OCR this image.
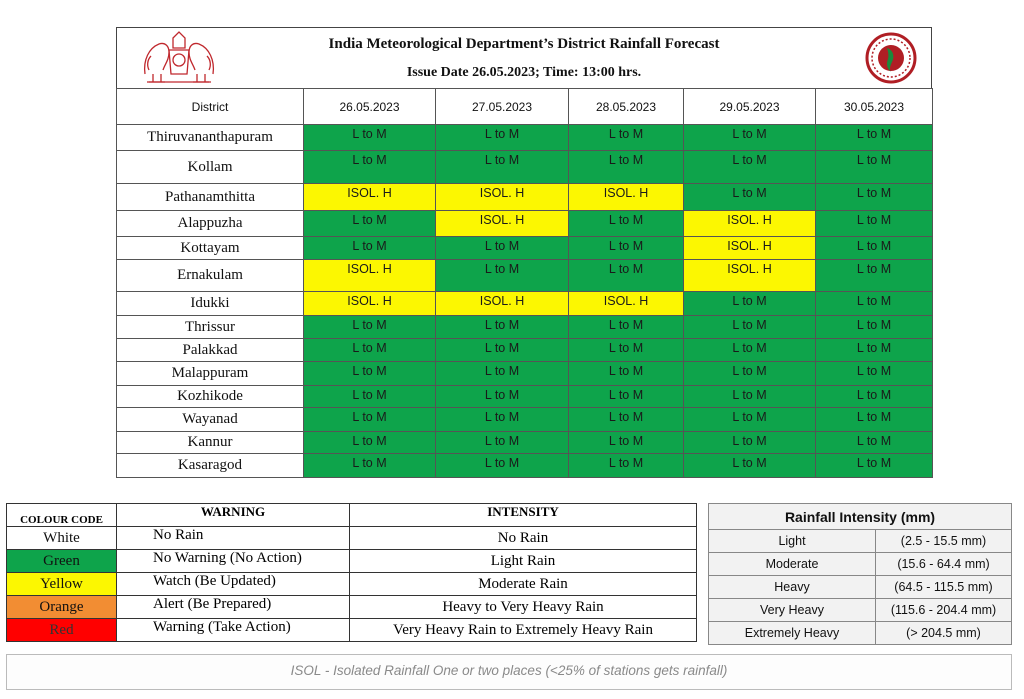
India Meteorological Department’s District Rainfall Forecast
Issue Date 26.05.2023; Time: 13:00 hrs.
District	26.05.2023	27.05.2023	28.05.2023	29.05.2023	30.05.2023
Thiruvananthapuram	L to M	L to M	L to M	L to M	L to M
Kollam	L to M	L to M	L to M	L to M	L to M
Pathanamthitta	ISOL. H	ISOL. H	ISOL. H	L to M	L to M
Alappuzha	L to M	ISOL. H	L to M	ISOL. H	L to M
Kottayam	L to M	L to M	L to M	ISOL. H	L to M
Ernakulam	ISOL. H	L to M	L to M	ISOL. H	L to M
Idukki	ISOL. H	ISOL. H	ISOL. H	L to M	L to M
Thrissur	L to M	L to M	L to M	L to M	L to M
Palakkad	L to M	L to M	L to M	L to M	L to M
Malappuram	L to M	L to M	L to M	L to M	L to M
Kozhikode	L to M	L to M	L to M	L to M	L to M
Wayanad	L to M	L to M	L to M	L to M	L to M
Kannur	L to M	L to M	L to M	L to M	L to M
Kasaragod	L to M	L to M	L to M	L to M	L to M
COLOUR CODE	WARNING	INTENSITY
White	No Rain	No Rain
Green	No Warning (No Action)	Light Rain
Yellow	Watch (Be Updated)	Moderate Rain
Orange	Alert (Be Prepared)	Heavy to Very Heavy Rain
Red	Warning (Take Action)	Very Heavy Rain to Extremely Heavy Rain
Rainfall Intensity (mm)	
Light	(2.5 - 15.5 mm)
Moderate	(15.6 - 64.4 mm)
Heavy	(64.5 - 115.5 mm)
Very Heavy	(115.6 - 204.4 mm)
Extremely Heavy	(> 204.5 mm)
ISOL - Isolated Rainfall One or two places (<25% of stations gets rainfall)
